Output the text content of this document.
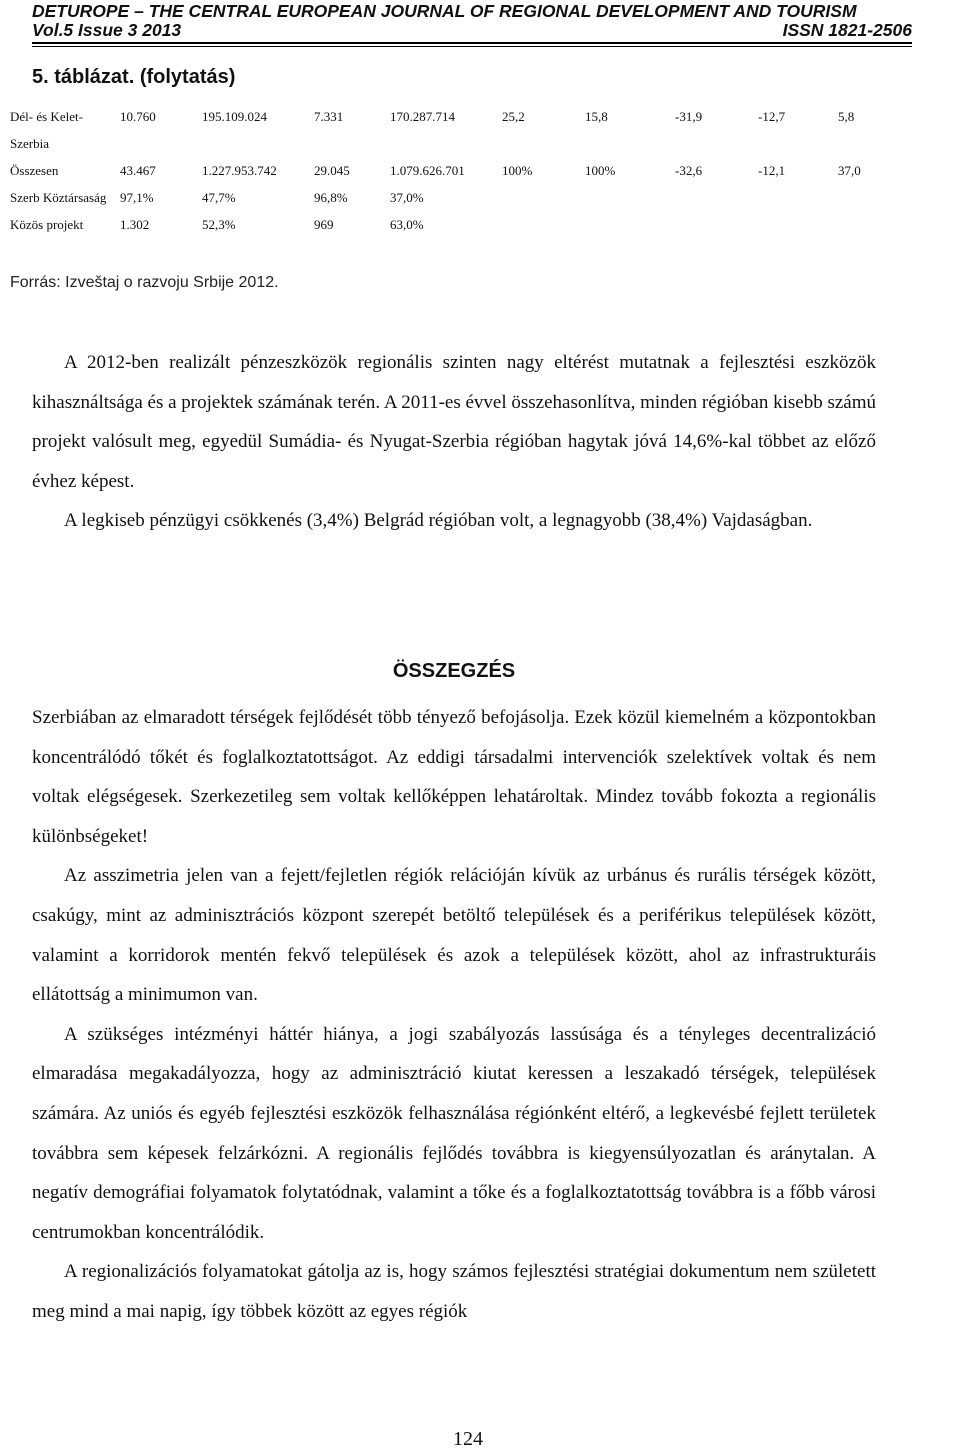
DETUROPE – THE CENTRAL EUROPEAN JOURNAL OF REGIONAL DEVELOPMENT AND TOURISM
Vol.5 Issue 3 2013	ISSN 1821-2506
5. táblázat. (folytatás)
Dél- és Kelet-Szerbia	10.760	195.109.024	7.331	170.287.714	25,2	15,8	-31,9	-12,7	5,8
Összesen	43.467	1.227.953.742	29.045	1.079.626.701	100%	100%	-32,6	-12,1	37,0
Szerb Köztársaság	97,1%	47,7%	96,8%	37,0%					
Közös projekt	1.302	52,3%	969	63,0%					
Forrás: Izveštaj o razvoju Srbije 2012.

A 2012-ben realizált pénzeszközök regionális szinten nagy eltérést mutatnak a fejlesztési eszközök kihasználtsága és a projektek számának terén. A 2011-es évvel összehasonlítva, minden régióban kisebb számú projekt valósult meg, egyedül Sumádia- és Nyugat-Szerbia régióban hagytak jóvá 14,6%-kal többet az előző évhez képest.

A legkiseb pénzügyi csökkenés (3,4%) Belgrád régióban volt, a legnagyobb (38,4%) Vajdaságban.

ÖSSZEGZÉS

Szerbiában az elmaradott térségek fejlődését több tényező befojásolja. Ezek közül kiemelném a központokban koncentrálódó tőkét és foglalkoztatottságot. Az eddigi társadalmi intervenciók szelektívek voltak és nem voltak elégségesek. Szerkezetileg sem voltak kellőképpen lehatároltak. Mindez tovább fokozta a regionális különbségeket!

Az asszimetria jelen van a fejett/fejletlen régiók relációján kívük az urbánus és rurális térségek között, csakúgy, mint az adminisztrációs központ szerepét betöltő települések és a periférikus települések között, valamint a korridorok mentén fekvő települések és azok a települések között, ahol az infrastrukturáis ellátottság a minimumon van.

A szükséges intézményi háttér hiánya, a jogi szabályozás lassúsága és a tényleges decentralizáció elmaradása megakadályozza, hogy az adminisztráció kiutat keressen a leszakadó térségek, települések számára. Az uniós és egyéb fejlesztési eszközök felhasználása régiónként eltérő, a legkevésbé fejlett területek továbbra sem képesek felzárkózni. A regionális fejlődés továbbra is kiegyensúlyozatlan és aránytalan. A negatív demográfiai folyamatok folytatódnak, valamint a tőke és a foglalkoztatottság továbbra is a főbb városi centrumokban koncentrálódik.

A regionalizációs folyamatokat gátolja az is, hogy számos fejlesztési stratégiai dokumentum nem született meg mind a mai napig, így többek között az egyes régiók

124
